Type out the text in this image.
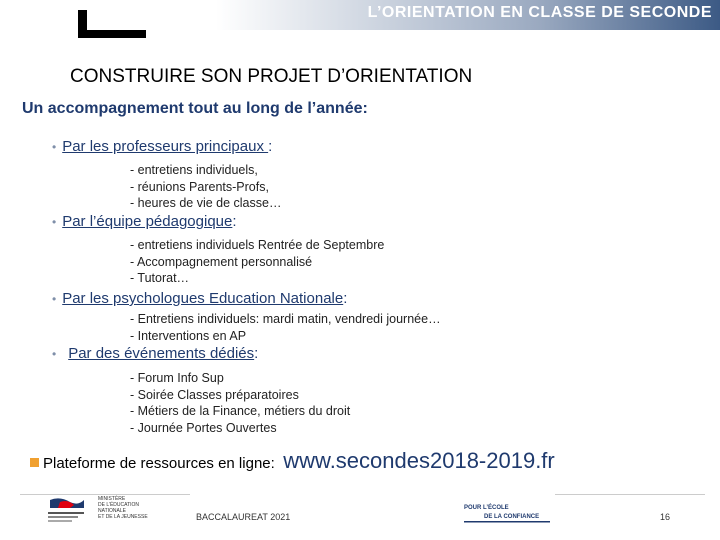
L’ORIENTATION EN CLASSE DE SECONDE
CONSTRUIRE SON PROJET D’ORIENTATION
Un accompagnement tout au long de l’année:
• Par les professeurs principaux :
- entretiens individuels,
- réunions Parents-Profs,
- heures de vie de classe…
• Par l’équipe pédagogique:
- entretiens individuels Rentrée de Septembre
- Accompagnement personnalisé
- Tutorat…
• Par les psychologues Education Nationale:
- Entretiens individuels: mardi matin, vendredi journée…
- Interventions en AP
• Par des événements dédiés:
- Forum Info Sup
- Soirée Classes préparatoires
- Métiers de la Finance, métiers du droit
- Journée Portes Ouvertes
Plateforme de ressources en ligne: www.secondes2018-2019.fr
MINISTÈRE
DE L’ÉDUCATION
NATIONALE
ET DE LA JEUNESSE	BACCALAUREAT 2021
POUR L’ÉCOLE
DE LA CONFIANCE	16
